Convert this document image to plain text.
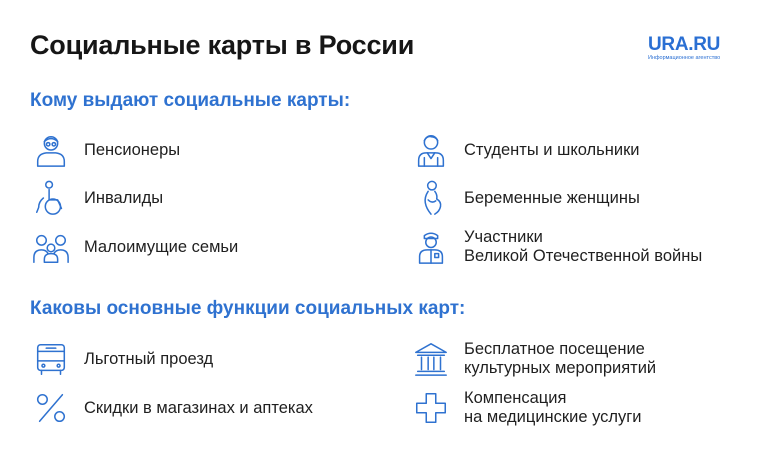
Социальные карты в России	URA.RU
Информационное агентство
Кому выдают социальные карты:
Пенсионеры	Студенты и школьники
Инвалиды	Беременные женщины
Малоимущие семьи
Участники
Великой Отечественной войны
Каковы основные функции социальных карт:
Льготный проезд
Бесплатное посещение
культурных мероприятий
Скидки в магазинах и аптеках
Компенсация
на медицинские услуги
